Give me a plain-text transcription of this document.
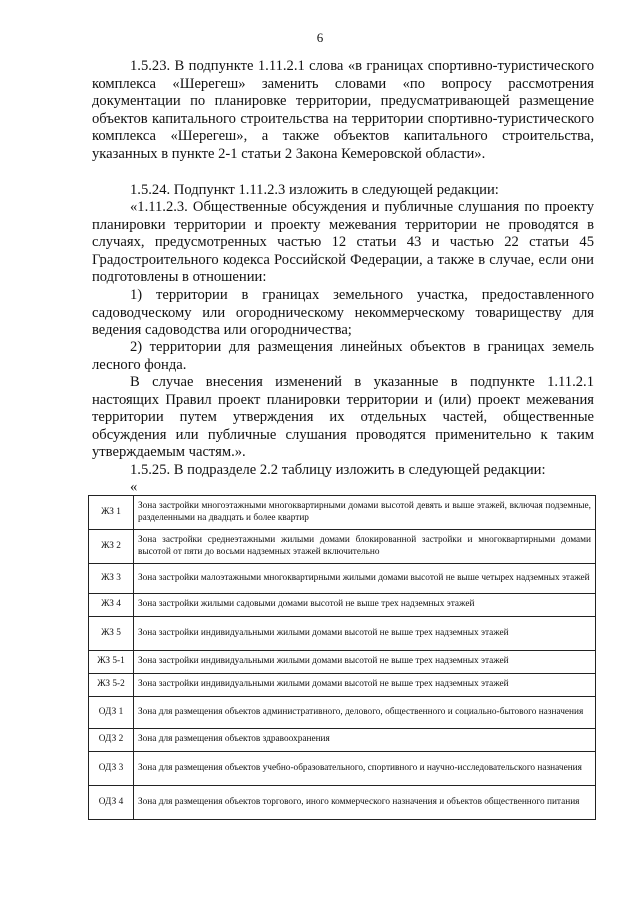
6

1.5.23. В подпункте 1.11.2.1 слова «в границах спортивно-туристического комплекса «Шерегеш» заменить словами «по вопросу рассмотрения документации по планировке территории, предусматривающей размещение объектов капитального строительства на территории спортивно-туристического комплекса «Шерегеш», а также объектов капитального строительства, указанных в пункте 2-1 статьи 2 Закона Кемеровской области».

1.5.24. Подпункт 1.11.2.3 изложить в следующей редакции:

«1.11.2.3. Общественные обсуждения и публичные слушания по проекту планировки территории и проекту межевания территории не проводятся в случаях, предусмотренных частью 12 статьи 43 и частью 22 статьи 45 Градостроительного кодекса Российской Федерации, а также в случае, если они подготовлены в отношении:

1) территории в границах земельного участка, предоставленного садоводческому или огородническому некоммерческому товариществу для ведения садоводства или огородничества;

2) территории для размещения линейных объектов в границах земель лесного фонда.

В случае внесения изменений в указанные в подпункте 1.11.2.1 настоящих Правил проект планировки территории и (или) проект межевания территории путем утверждения их отдельных частей, общественные обсуждения или публичные слушания проводятся применительно к таким утверждаемым частям.».

1.5.25. В подразделе 2.2 таблицу изложить в следующей редакции:

«
ЖЗ 1	Зона застройки многоэтажными многоквартирными домами высотой девять и выше этажей, включая подземные, разделенными на двадцать и более квартир
ЖЗ 2	Зона застройки среднеэтажными жилыми домами блокированной застройки и многоквартирными домами высотой от пяти до восьми надземных этажей включительно
ЖЗ 3	Зона застройки малоэтажными многоквартирными жилыми домами высотой не выше четырех надземных этажей
ЖЗ 4	Зона застройки жилыми садовыми домами высотой не выше трех надземных этажей
ЖЗ 5	Зона застройки индивидуальными жилыми домами высотой не выше трех надземных этажей
ЖЗ 5-1	Зона застройки индивидуальными жилыми домами высотой не выше трех надземных этажей
ЖЗ 5-2	Зона застройки индивидуальными жилыми домами высотой не выше трех надземных этажей
ОДЗ 1	Зона для размещения объектов административного, делового, общественного и социально-бытового назначения
ОДЗ 2	Зона для размещения объектов здравоохранения
ОДЗ 3	Зона для размещения объектов учебно-образовательного, спортивного и научно-исследовательского назначения
ОДЗ 4	Зона для размещения объектов торгового, иного коммерческого назначения и объектов общественного питания
